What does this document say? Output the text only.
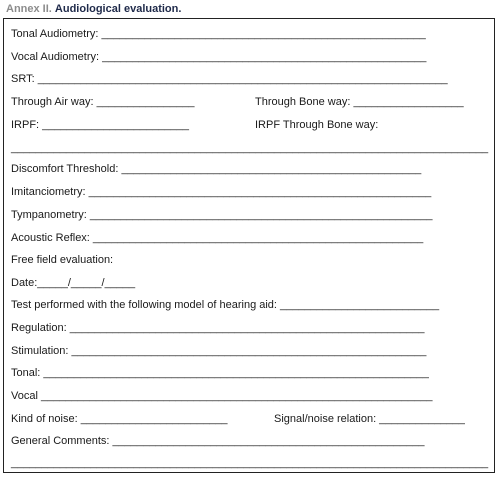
Annex II. Audiological evaluation.
Tonal Audiometry: _____________________________________________________
Vocal Audiometry: _____________________________________________________
SRT: ___________________________________________________________________
Through Air way: ________________	Through Bone way: __________________
IRPF: ________________________	IRPF Through Bone way:
______________________________________________________________________________
Discomfort Threshold: _________________________________________________
Imitanciometry: ________________________________________________________
Tympanometry: ________________________________________________________
Acoustic Reflex: ______________________________________________________
Free field evaluation:
Date:_____/_____/_____
Test performed with the following model of hearing aid: __________________________
Regulation: __________________________________________________________
Stimulation: __________________________________________________________
Tonal: _______________________________________________________________
Vocal ________________________________________________________________
Kind of noise: ________________________	Signal/noise relation: ______________
General Comments: ___________________________________________________
______________________________________________________________________________
